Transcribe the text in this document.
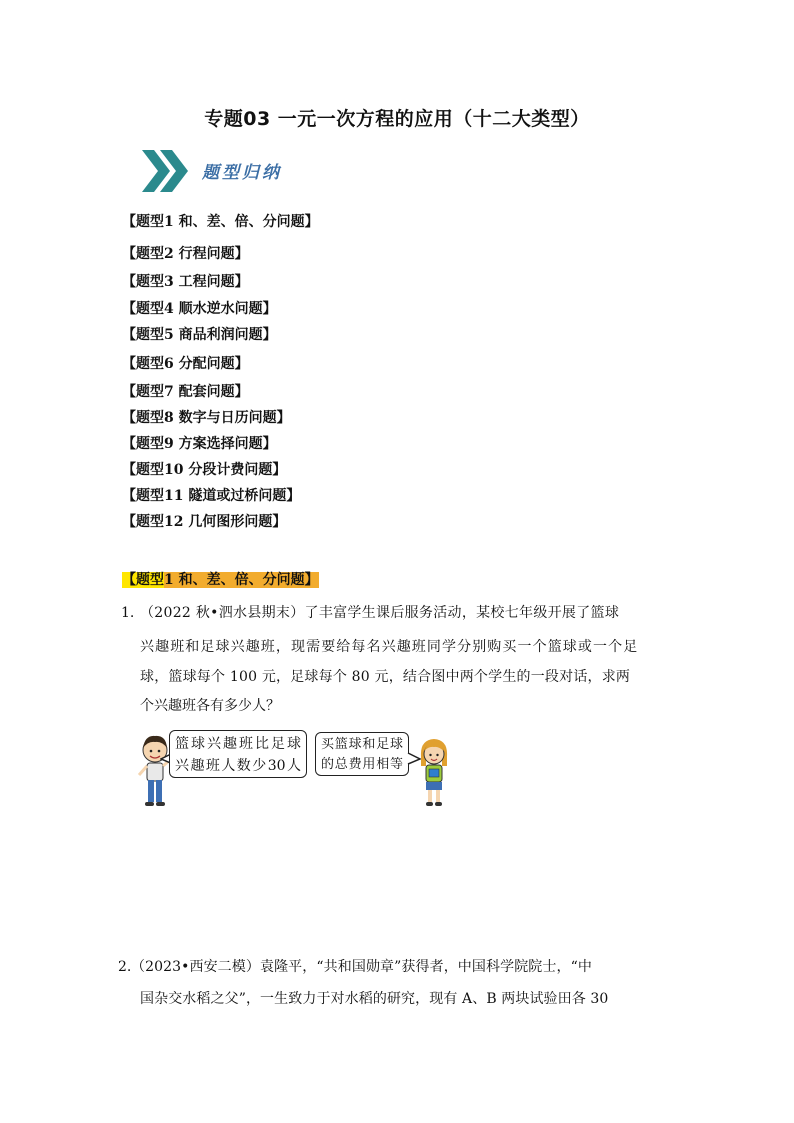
专题03 一元一次方程的应用（十二大类型）
题型归纳
【题型1 和、差、倍、分问题】
【题型2 行程问题】
【题型3 工程问题】
【题型4 顺水逆水问题】
【题型5 商品利润问题】
【题型6 分配问题】
【题型7 配套问题】
【题型8 数字与日历问题】
【题型9 方案选择问题】
【题型10 分段计费问题】
【题型11 隧道或过桥问题】
【题型12 几何图形问题】
【题型1 和、差、倍、分问题】
1. （2022 秋•泗水县期末）了丰富学生课后服务活动，某校七年级开展了篮球
兴趣班和足球兴趣班，现需要给每名兴趣班同学分别购买一个篮球或一个足
球，篮球每个 100 元，足球每个 80 元，结合图中两个学生的一段对话，求两
个兴趣班各有多少人？
篮球兴趣班比足球
兴趣班人数少30人
买篮球和足球
的总费用相等
2. （2023•西安二模）袁隆平，“共和国勋章”获得者，中国科学院院士，“中
国杂交水稻之父”，一生致力于对水稻的研究，现有 A、B 两块试验田各 30
